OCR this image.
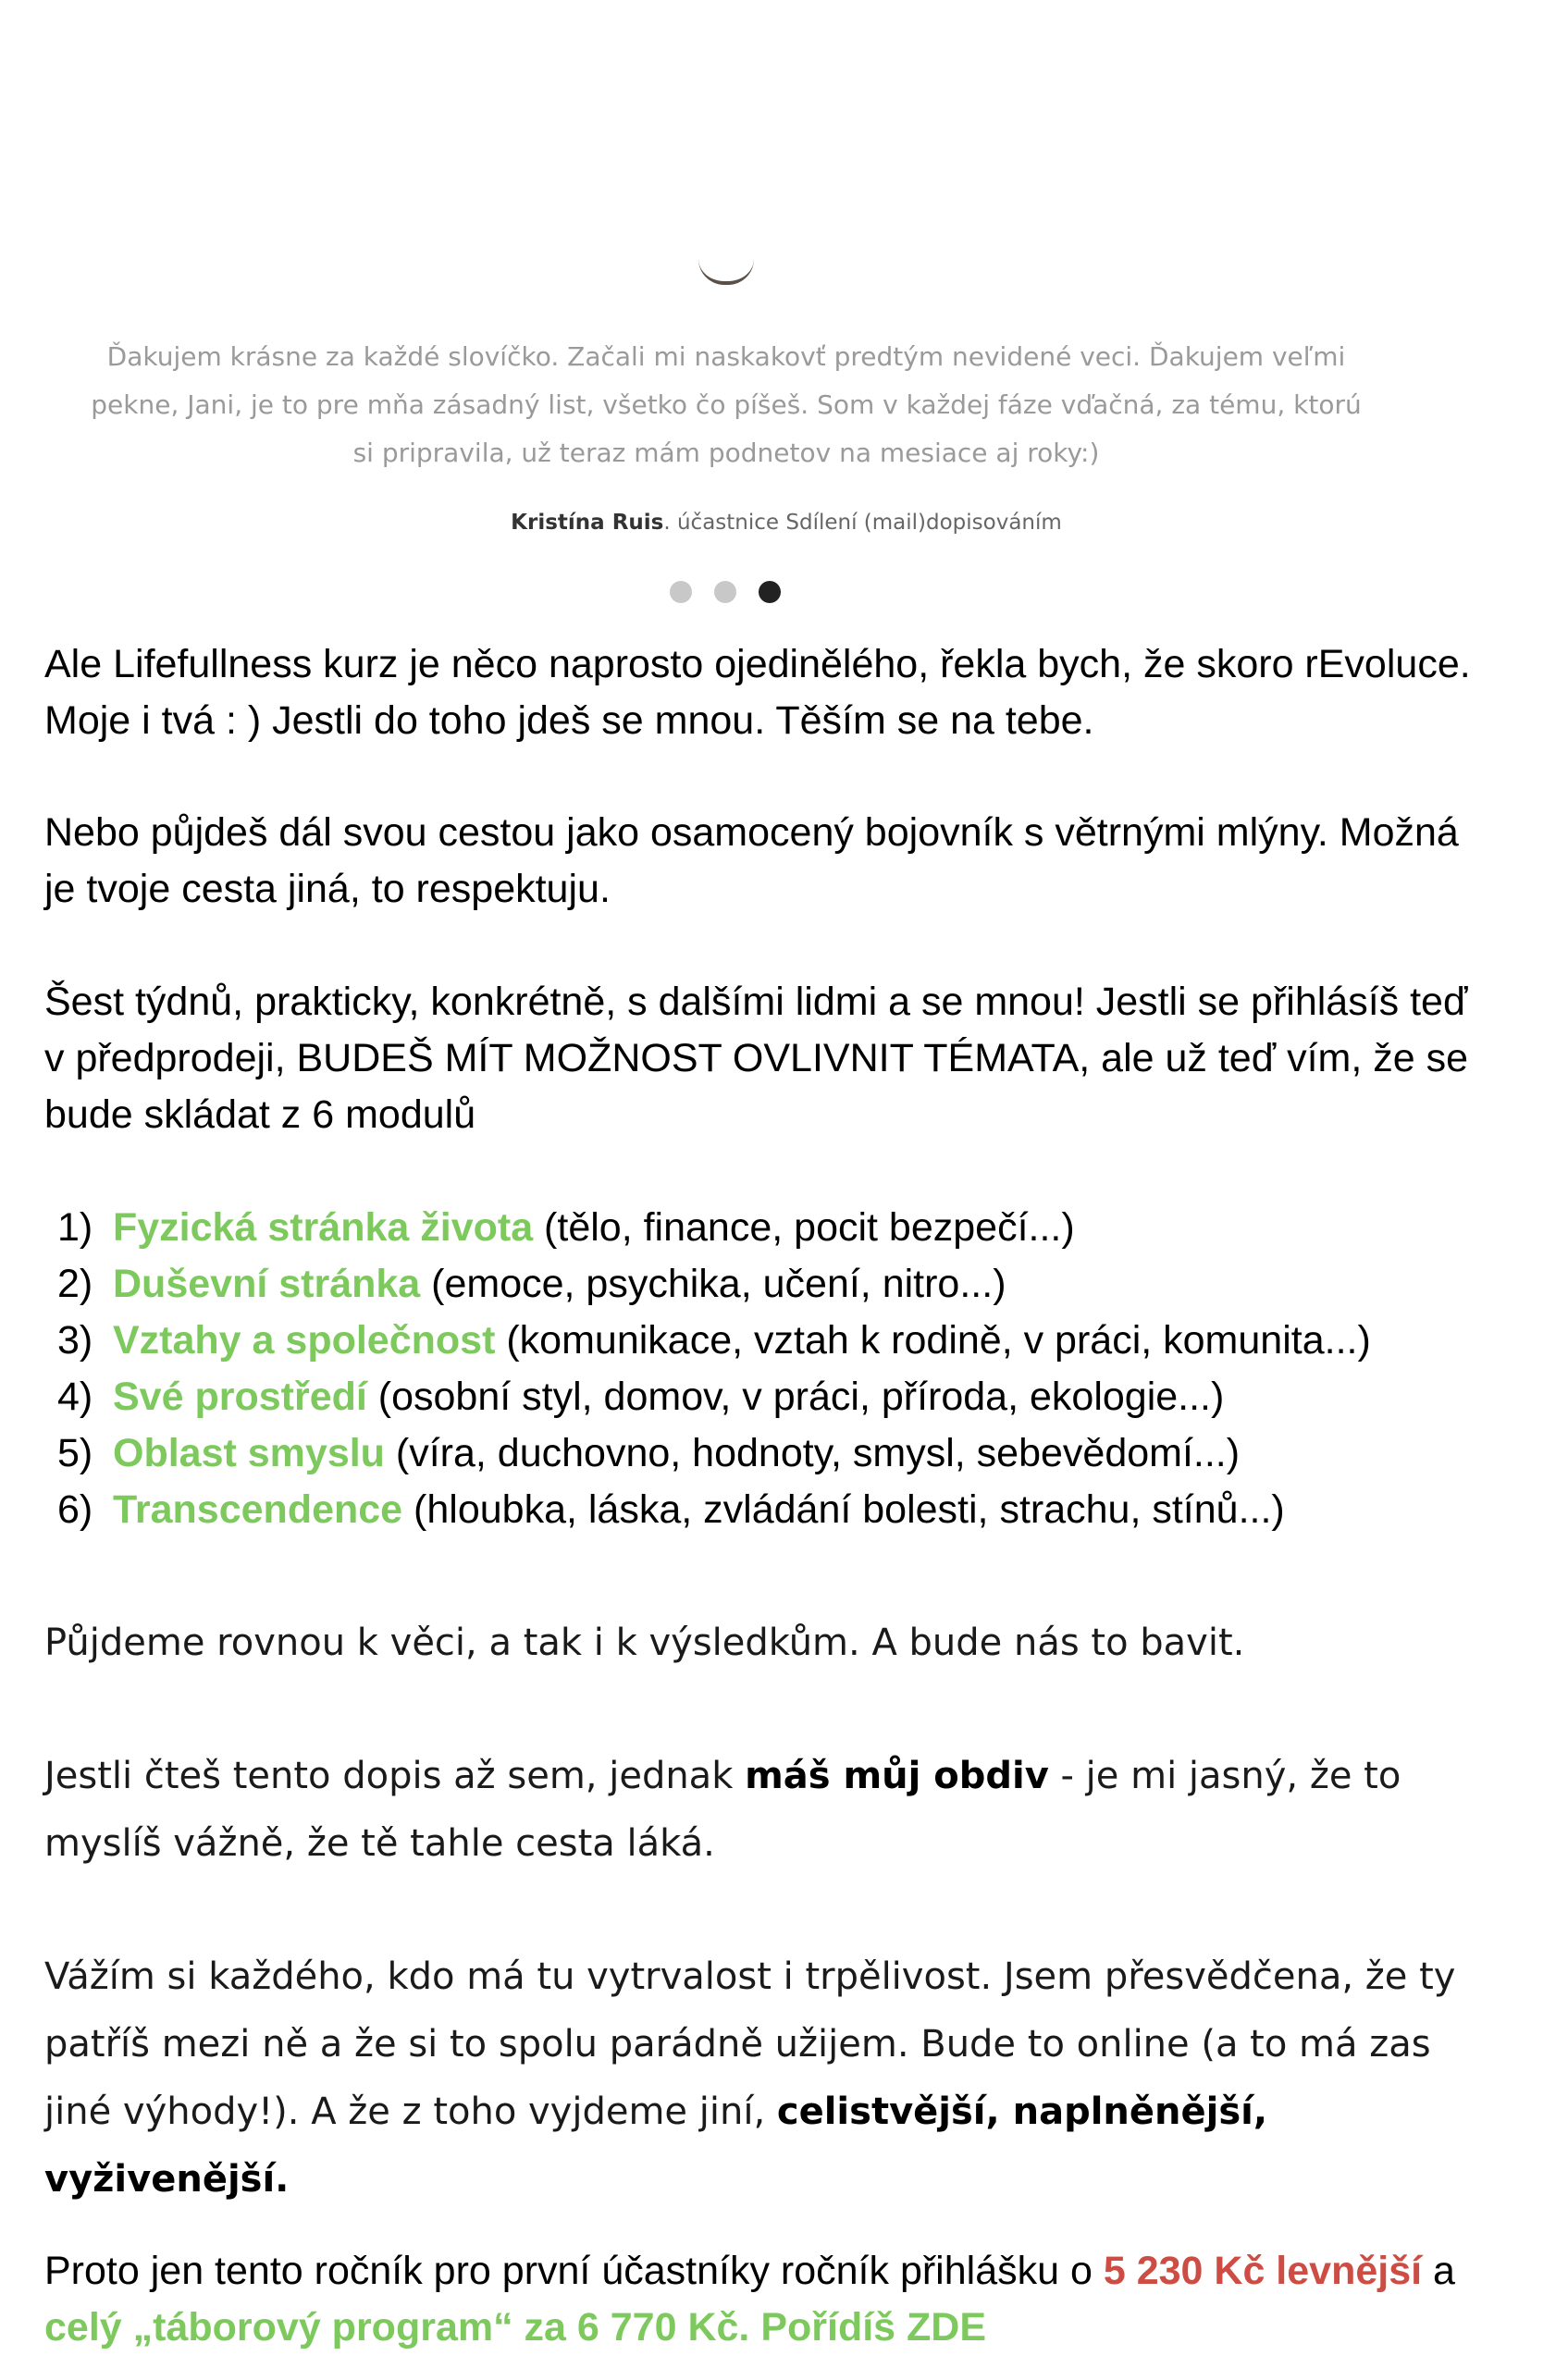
Ďakujem krásne za každé slovíčko. Začali mi naskakovť predtým nevidené veci. Ďakujem veľmi pekne, Jani, je to pre mňa zásadný list, všetko čo píšeš. Som v každej fáze vďačná, za tému, ktorú si pripravila, už teraz mám podnetov na mesiace aj roky:)
Kristína Ruis. účastnice Sdílení (mail)dopisováním
Ale Lifefullness kurz je něco naprosto ojedinělého, řekla bych, že skoro rEvoluce. Moje i tvá : ) Jestli do toho jdeš se mnou. Těším se na tebe.
Nebo půjdeš dál svou cestou jako osamocený bojovník s větrnými mlýny. Možná je tvoje cesta jiná, to respektuju.
Šest týdnů, prakticky, konkrétně, s dalšími lidmi a se mnou! Jestli se přihlásíš teď v předprodeji, BUDEŠ MÍT MOŽNOST OVLIVNIT TÉMATA, ale už teď vím, že se bude skládat z 6 modulů
1) Fyzická stránka života (tělo, finance, pocit bezpečí...)
2) Duševní stránka (emoce, psychika, učení, nitro...)
3) Vztahy a společnost (komunikace, vztah k rodině, v práci, komunita...)
4) Své prostředí (osobní styl, domov, v práci, příroda, ekologie...)
5) Oblast smyslu (víra, duchovno, hodnoty, smysl, sebevědomí...)
6) Transcendence (hloubka, láska, zvládání bolesti, strachu, stínů...)
Půjdeme rovnou k věci, a tak i k výsledkům. A bude nás to bavit.
Jestli čteš tento dopis až sem, jednak máš můj obdiv - je mi jasný, že to myslíš vážně, že tě tahle cesta láká.
Vážím si každého, kdo má tu vytrvalost i trpělivost. Jsem přesvědčena, že ty patříš mezi ně a že si to spolu parádně užijem. Bude to online (a to má zas jiné výhody!). A že z toho vyjdeme jiní, celistvější, naplněnější, vyživenější.
Proto jen tento ročník pro první účastníky ročník přihlášku o 5 230 Kč levnější a celý „táborový program“ za 6 770 Kč. Pořídíš ZDE
